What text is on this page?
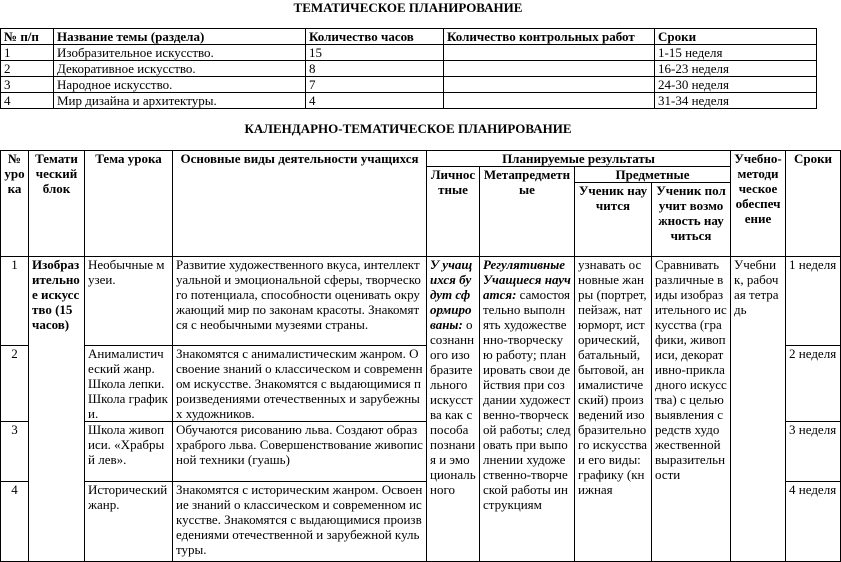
ТЕМАТИЧЕСКОЕ ПЛАНИРОВАНИЕ
№ п/п	Название темы (раздела)	Количество часов	Количество контрольных работ	Сроки
1	Изобразительное искусство.	15		1-15 неделя
2	Декоративное искусство.	8		16-23 неделя
3	Народное искусство.	7		24-30 неделя
4	Мир дизайна и архитектуры.	4		31-34 неделя
КАЛЕНДАРНО-ТЕМАТИЧЕСКОЕ ПЛАНИРОВАНИЕ
№ урока	Тематический блок	Тема урока	Основные виды деятельности учащихся	Планируемые результаты				Учебно-методическое обеспечение	Сроки
				Личностные	Метапредметные	Предметные			
						Ученик научится	Ученик получит возможность научиться		
1	Изобразительное искусство (15 часов)	Необычные музеи.	Развитие художественного вкуса, интеллектуальной и эмоциональной сферы, творческого потенциала, способности оценивать окружающий мир по законам красоты. Знакомятся с необычными музеями страны.	У учащихся будут сформированы: осознанного изобразительного искусства как способа познания и эмоционального	Регулятивные Учащиеся научатся: самостоятельно выполнять художественно-творческую работу; планировать свои действия при создании художественно-творческой работы; следовать при выполнении художественно-творческой работы инструкциям	узнавать основные жанры (портрет, пейзаж, натюрморт, исторический, батальный, бытовой, анималистический) произведений изобразительного искусства и его виды: графику (книжная	Сравнивать различные виды изобразительного искусства (графики, живописи, декоративно-прикладного искусства) с целью выявления средств художественной выразительности	Учебник, рабочая тетрадь	1 неделя
2		Анималистический жанр. Школа лепки. Школа графики.	Знакомятся с анималистическим жанром. Освоение знаний о классическом и современном искусстве. Знакомятся с выдающимися произведениями отечественных и зарубежных художников.						2 неделя
3		Школа живописи. «Храбрый лев».	Обучаются рисованию льва. Создают образ храброго льва. Совершенствование живописной техники (гуашь)						3 неделя
4		Исторический жанр.	Знакомятся с историческим жанром. Освоение знаний о классическом и современном искусстве. Знакомятся с выдающимися произведениями отечественной и зарубежной культуры.						4 неделя
